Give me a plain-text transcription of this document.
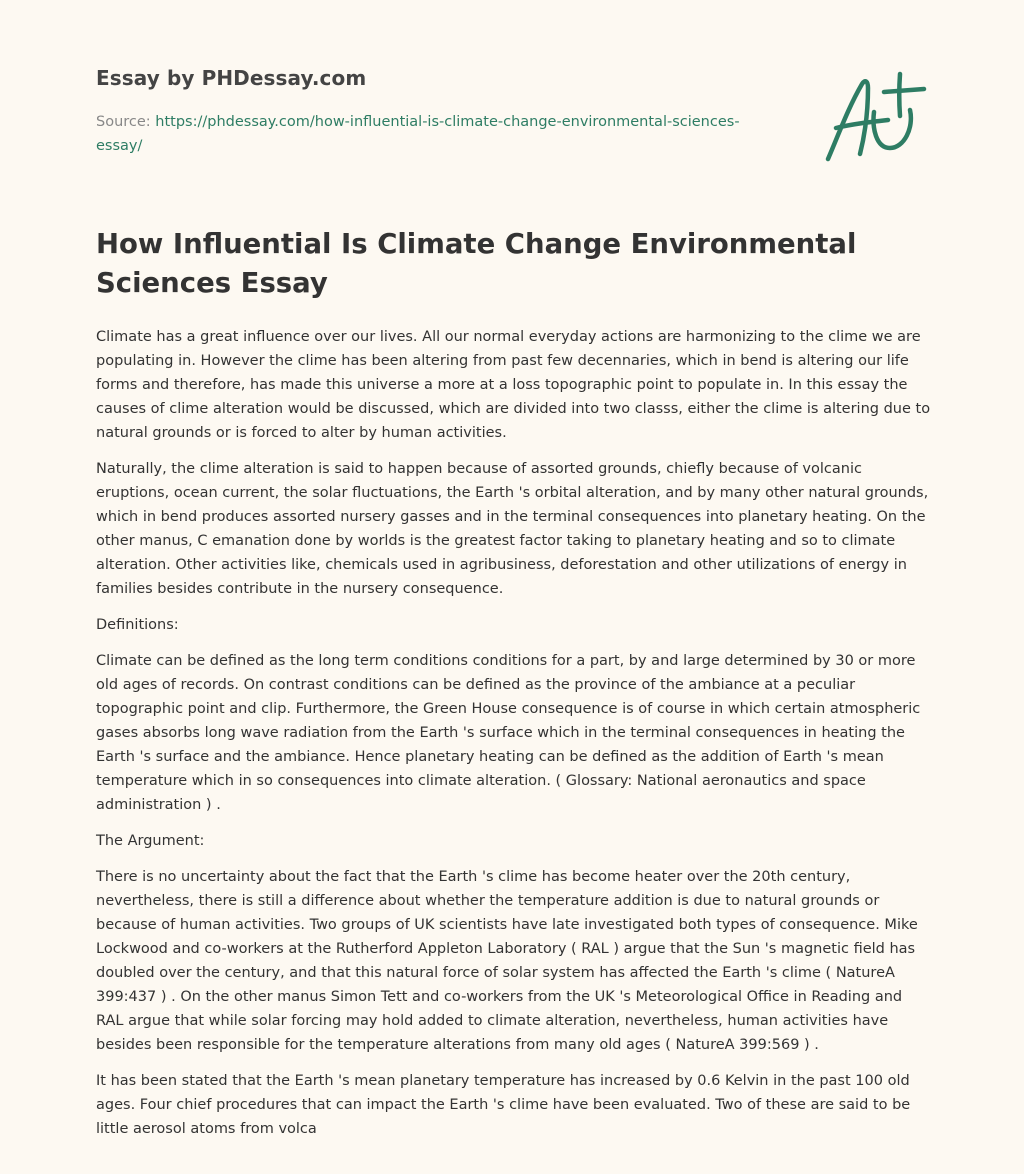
Essay by PHDessay.com

Source: https://phdessay.com/how-influential-is-climate-change-environmental-sciences-essay/

How Influential Is Climate Change Environmental Sciences Essay

Climate has a great influence over our lives. All our normal everyday actions are harmonizing to the clime we are populating in. However the clime has been altering from past few decennaries, which in bend is altering our life forms and therefore, has made this universe a more at a loss topographic point to populate in. In this essay the causes of clime alteration would be discussed, which are divided into two classs, either the clime is altering due to natural grounds or is forced to alter by human activities.

Naturally, the clime alteration is said to happen because of assorted grounds, chiefly because of volcanic eruptions, ocean current, the solar fluctuations, the Earth 's orbital alteration, and by many other natural grounds, which in bend produces assorted nursery gasses and in the terminal consequences into planetary heating. On the other manus, C emanation done by worlds is the greatest factor taking to planetary heating and so to climate alteration. Other activities like, chemicals used in agribusiness, deforestation and other utilizations of energy in families besides contribute in the nursery consequence.

Definitions:

Climate can be defined as the long term conditions conditions for a part, by and large determined by 30 or more old ages of records. On contrast conditions can be defined as the province of the ambiance at a peculiar topographic point and clip. Furthermore, the Green House consequence is of course in which certain atmospheric gases absorbs long wave radiation from the Earth 's surface which in the terminal consequences in heating the Earth 's surface and the ambiance. Hence planetary heating can be defined as the addition of Earth 's mean temperature which in so consequences into climate alteration. ( Glossary: National aeronautics and space administration ) .

The Argument:

There is no uncertainty about the fact that the Earth 's clime has become heater over the 20th century, nevertheless, there is still a difference about whether the temperature addition is due to natural grounds or because of human activities. Two groups of UK scientists have late investigated both types of consequence. Mike Lockwood and co-workers at the Rutherford Appleton Laboratory ( RAL ) argue that the Sun 's magnetic field has doubled over the century, and that this natural force of solar system has affected the Earth 's clime ( NatureA 399:437 ) . On the other manus Simon Tett and co-workers from the UK 's Meteorological Office in Reading and RAL argue that while solar forcing may hold added to climate alteration, nevertheless, human activities have besides been responsible for the temperature alterations from many old ages ( NatureA 399:569 ) .

It has been stated that the Earth 's mean planetary temperature has increased by 0.6 Kelvin in the past 100 old ages. Four chief procedures that can impact the Earth 's clime have been evaluated. Two of these are said to be little aerosol atoms from volca
